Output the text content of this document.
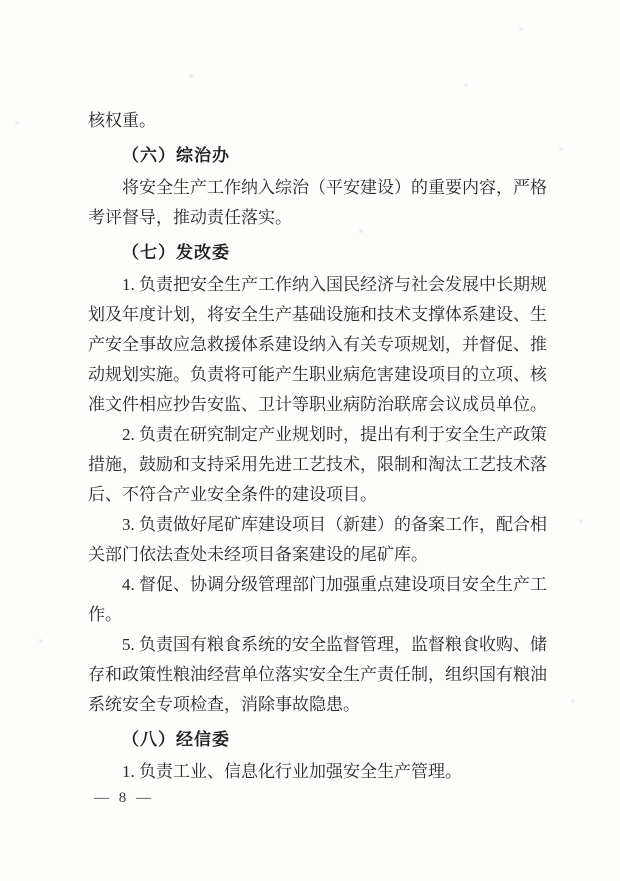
核权重。

（六）综治办

将安全生产工作纳入综治（平安建设）的重要内容，严格考评督导，推动责任落实。

（七）发改委

1. 负责把安全生产工作纳入国民经济与社会发展中长期规划及年度计划，将安全生产基础设施和技术支撑体系建设、生产安全事故应急救援体系建设纳入有关专项规划，并督促、推动规划实施。负责将可能产生职业病危害建设项目的立项、核准文件相应抄告安监、卫计等职业病防治联席会议成员单位。

2. 负责在研究制定产业规划时，提出有利于安全生产政策措施，鼓励和支持采用先进工艺技术，限制和淘汰工艺技术落后、不符合产业安全条件的建设项目。

3. 负责做好尾矿库建设项目（新建）的备案工作，配合相关部门依法查处未经项目备案建设的尾矿库。

4. 督促、协调分级管理部门加强重点建设项目安全生产工作。

5. 负责国有粮食系统的安全监督管理，监督粮食收购、储存和政策性粮油经营单位落实安全生产责任制，组织国有粮油系统安全专项检查，消除事故隐患。

（八）经信委

1. 负责工业、信息化行业加强安全生产管理。

— 8 —
